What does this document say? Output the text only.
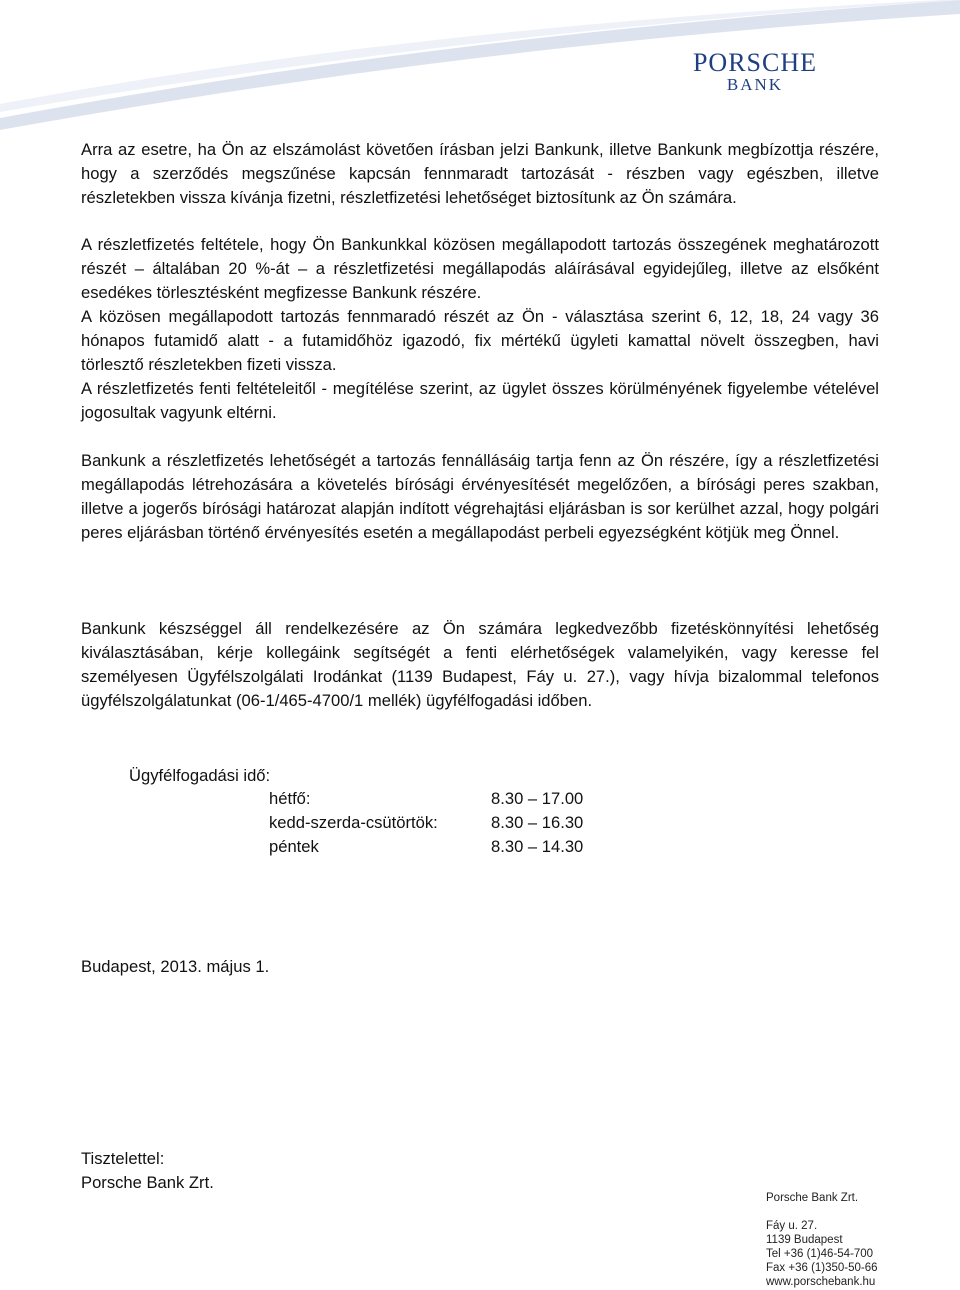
PORSCHE
BANK

Arra az esetre, ha Ön az elszámolást követően írásban jelzi Bankunk, illetve Bankunk megbízottja részére, hogy a szerződés megszűnése kapcsán fennmaradt tartozását - részben vagy egészben, illetve részletekben vissza kívánja fizetni, részletfizetési lehetőséget biztosítunk az Ön számára.

A részletfizetés feltétele, hogy Ön Bankunkkal közösen megállapodott tartozás összegének meghatározott részét – általában 20 %-át – a részletfizetési megállapodás aláírásával egyidejűleg, illetve az elsőként esedékes törlesztésként megfizesse Bankunk részére.
A közösen megállapodott tartozás fennmaradó részét az Ön - választása szerint 6, 12, 18, 24 vagy 36 hónapos futamidő alatt - a futamidőhöz igazodó, fix mértékű ügyleti kamattal növelt összegben, havi törlesztő részletekben fizeti vissza.
A részletfizetés fenti feltételeitől - megítélése szerint, az ügylet összes körülményének figyelembe vételével jogosultak vagyunk eltérni.

Bankunk a részletfizetés lehetőségét a tartozás fennállásáig tartja fenn az Ön részére, így a részletfizetési megállapodás létrehozására a követelés bírósági érvényesítését megelőzően, a bírósági peres szakban, illetve a jogerős bírósági határozat alapján indított végrehajtási eljárásban is sor kerülhet azzal, hogy polgári peres eljárásban történő érvényesítés esetén a megállapodást perbeli egyezségként kötjük meg Önnel.

Bankunk készséggel áll rendelkezésére az Ön számára legkedvezőbb fizetéskönnyítési lehetőség kiválasztásában, kérje kollegáink segítségét a fenti elérhetőségek valamelyikén, vagy keresse fel személyesen Ügyfélszolgálati Irodánkat (1139 Budapest, Fáy u. 27.), vagy hívja bizalommal telefonos ügyfélszolgálatunkat (06-1/465-4700/1 mellék) ügyfélfogadási időben.

Ügyfélfogadási idő:
hétfő:	8.30 – 17.00
kedd-szerda-csütörtök:	8.30 – 16.30
péntek	8.30 – 14.30
Budapest, 2013. május 1.
Tisztelettel:
Porsche Bank Zrt.
Porsche Bank Zrt.
Fáy u. 27.
1139 Budapest
Tel +36 (1)46-54-700
Fax +36 (1)350-50-66
www.porschebank.hu
